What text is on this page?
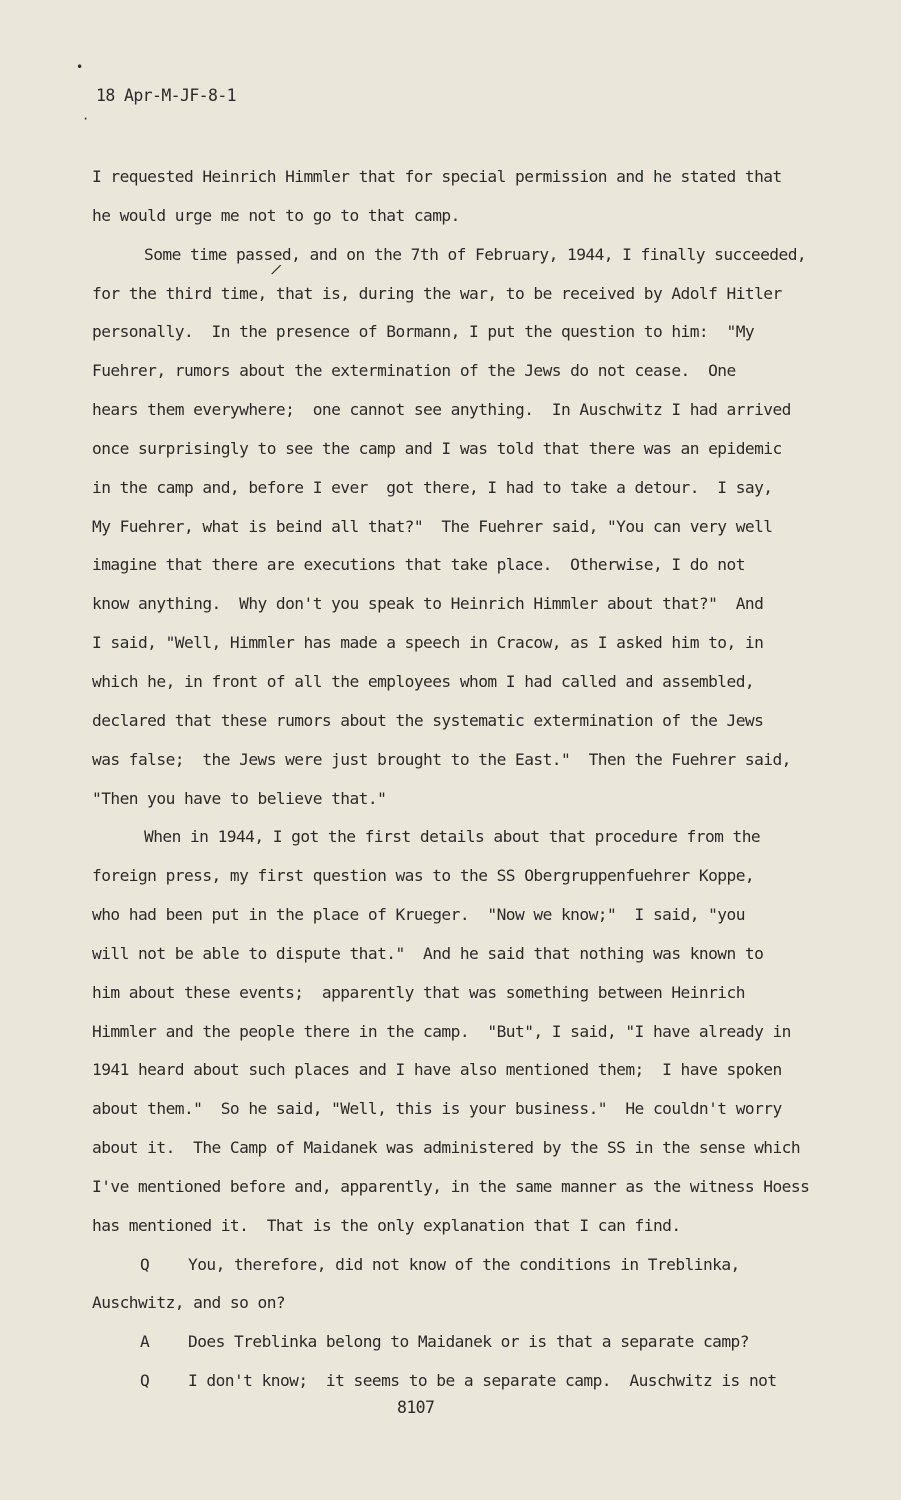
•
·
/
18 Apr-M-JF-8-1
I requested Heinrich Himmler that for special permission and he stated that
he would urge me not to go to that camp.
Some time passed, and on the 7th of February, 1944, I finally succeeded,
for the third time, that is, during the war, to be received by Adolf Hitler
personally.  In the presence of Bormann, I put the question to him:  "My
Fuehrer, rumors about the extermination of the Jews do not cease.  One
hears them everywhere;  one cannot see anything.  In Auschwitz I had arrived
once surprisingly to see the camp and I was told that there was an epidemic
in the camp and, before I ever  got there, I had to take a detour.  I say,
My Fuehrer, what is beind all that?"  The Fuehrer said, "You can very well
imagine that there are executions that take place.  Otherwise, I do not
know anything.  Why don't you speak to Heinrich Himmler about that?"  And
I said, "Well, Himmler has made a speech in Cracow, as I asked him to, in
which he, in front of all the employees whom I had called and assembled,
declared that these rumors about the systematic extermination of the Jews
was false;  the Jews were just brought to the East."  Then the Fuehrer said,
"Then you have to believe that."
When in 1944, I got the first details about that procedure from the
foreign press, my first question was to the SS Obergruppenfuehrer Koppe,
who had been put in the place of Krueger.  "Now we know;"  I said, "you
will not be able to dispute that."  And he said that nothing was known to
him about these events;  apparently that was something between Heinrich
Himmler and the people there in the camp.  "But", I said, "I have already in
1941 heard about such places and I have also mentioned them;  I have spoken
about them."  So he said, "Well, this is your business."  He couldn't worry
about it.  The Camp of Maidanek was administered by the SS in the sense which
I've mentioned before and, apparently, in the same manner as the witness Hoess
has mentioned it.  That is the only explanation that I can find.
Q You, therefore, did not know of the conditions in Treblinka,
Auschwitz, and so on?
A Does Treblinka belong to Maidanek or is that a separate camp?
Q I don't know;  it seems to be a separate camp.  Auschwitz is not
8107
